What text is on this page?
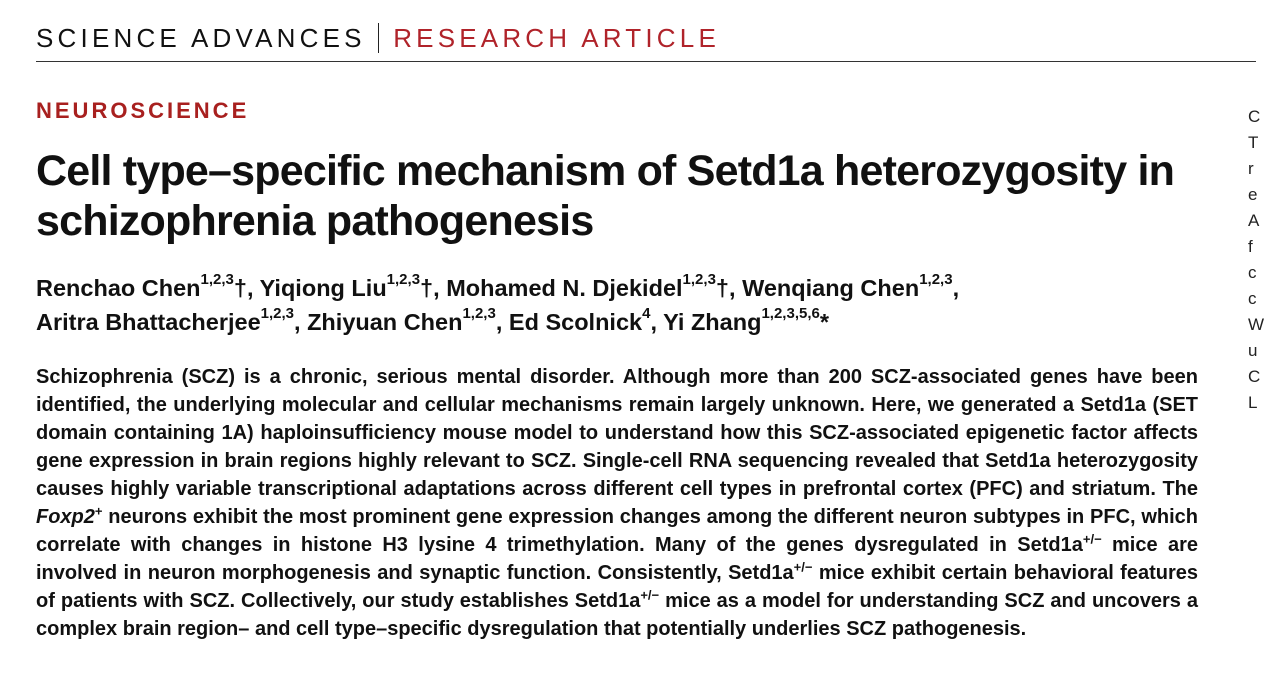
SCIENCE ADVANCES RESEARCH ARTICLE
NEUROSCIENCE
Cell type–specific mechanism of Setd1a heterozygosity in schizophrenia pathogenesis

Renchao Chen$^{1,2,3}$†, Yiqiong Liu$^{1,2,3}$†, Mohamed N. Djekidel$^{1,2,3}$†, Wenqiang Chen$^{1,2,3}$,
Aritra Bhattacherjee$^{1,2,3}$, Zhiyuan Chen$^{1,2,3}$, Ed Scolnick$^4$, Yi Zhang$^{1,2,3,5,6}$*

Schizophrenia (SCZ) is a chronic, serious mental disorder. Although more than 200 SCZ-associated genes have been identified, the underlying molecular and cellular mechanisms remain largely unknown. Here, we generated a Setd1a (SET domain containing 1A) haploinsufficiency mouse model to understand how this SCZ-associated epigenetic factor affects gene expression in brain regions highly relevant to SCZ. Single-cell RNA sequencing revealed that Setd1a heterozygosity causes highly variable transcriptional adaptations across different cell types in prefrontal cortex (PFC) and striatum. The Foxp2+ neurons exhibit the most prominent gene expression changes among the different neuron subtypes in PFC, which correlate with changes in histone H3 lysine 4 trimethylation. Many of the genes dysregulated in Setd1a+/− mice are involved in neuron morphogenesis and synaptic function. Consistently, Setd1a+/− mice exhibit certain behavioral features of patients with SCZ. Collectively, our study establishes Setd1a+/− mice as a model for understanding SCZ and uncovers a complex brain region– and cell type–specific dysregulation that potentially underlies SCZ pathogenesis.

C
T
r
e
A
f
c
c
W
u
C
L
